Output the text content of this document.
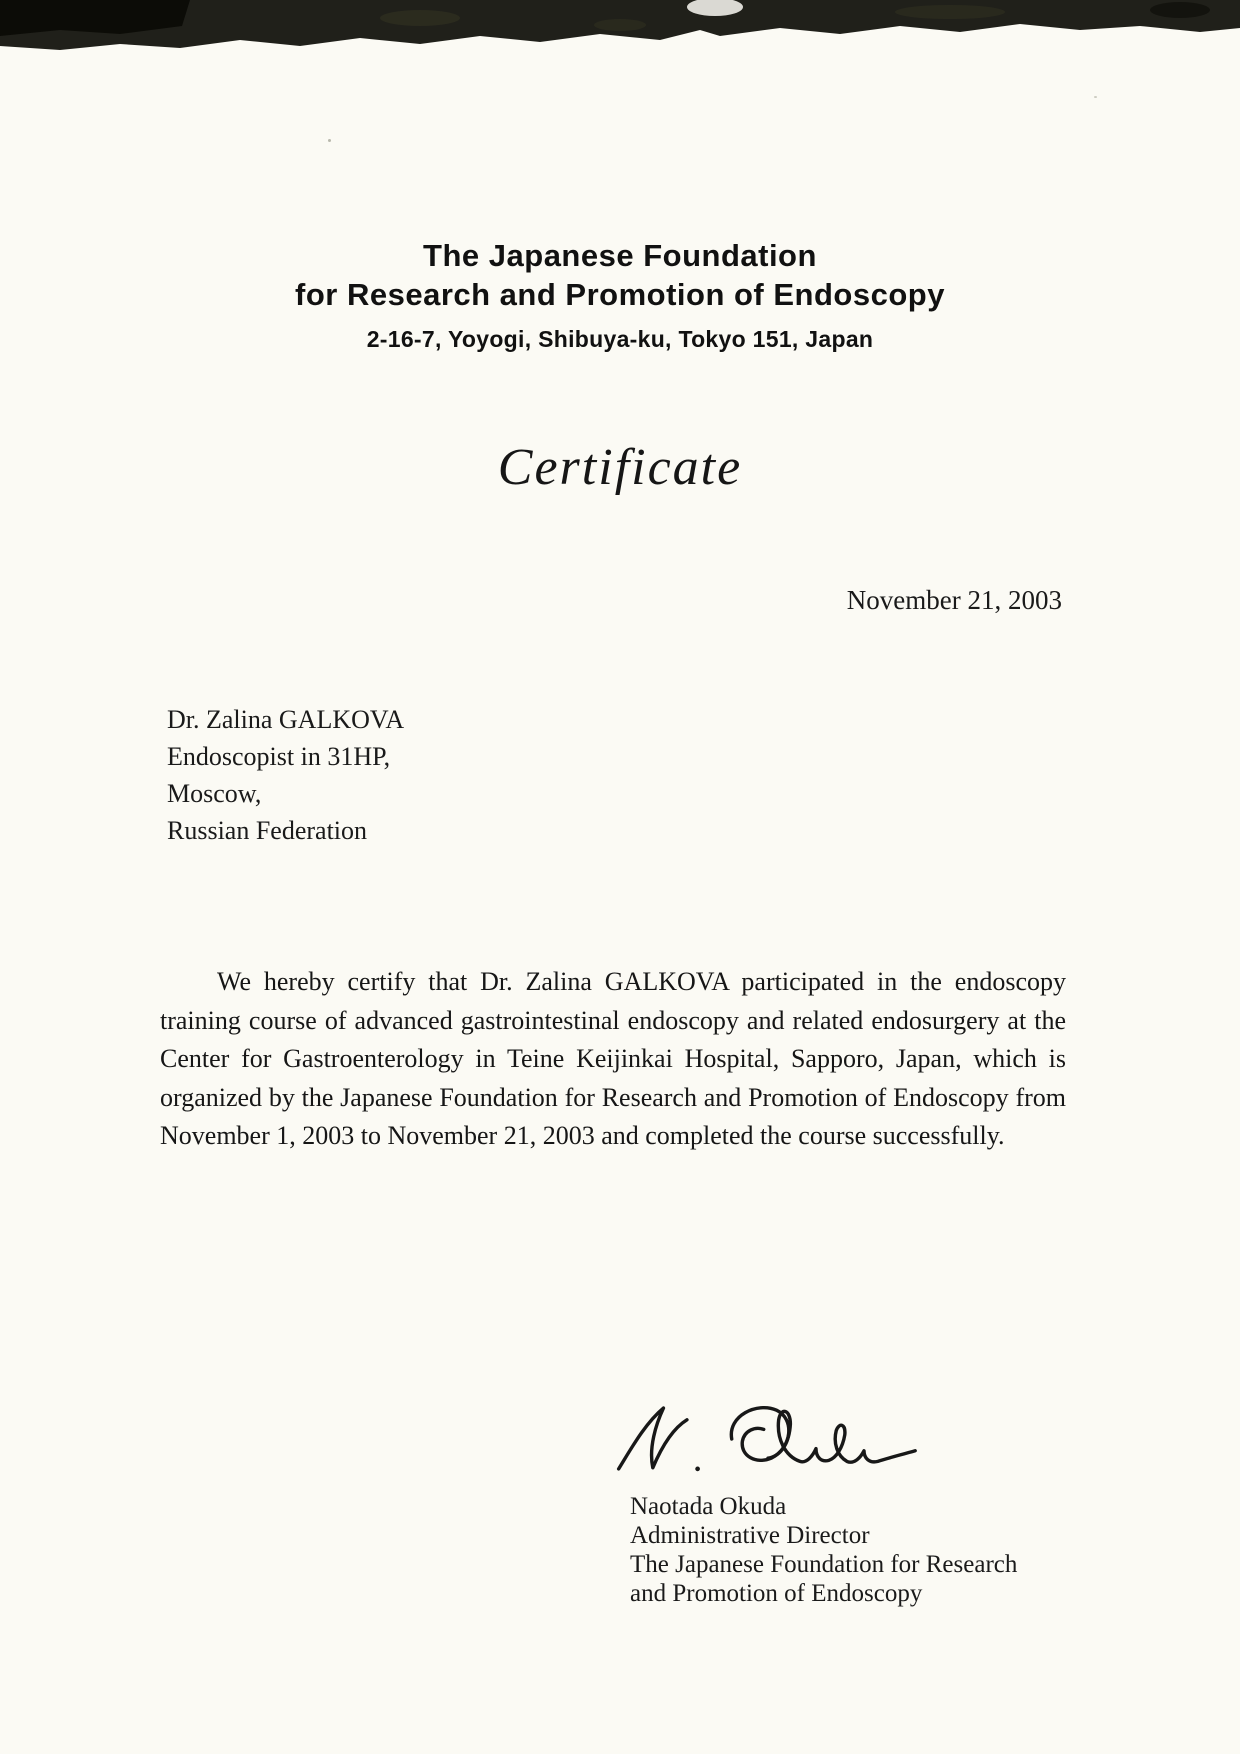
The Japanese Foundation
for Research and Promotion of Endoscopy
2-16-7, Yoyogi, Shibuya-ku, Tokyo 151, Japan
Certificate
November 21, 2003
Dr. Zalina GALKOVA
Endoscopist in 31HP,
Moscow,
Russian Federation
We hereby certify that Dr. Zalina GALKOVA participated in the endoscopy training course of advanced gastrointestinal endoscopy and related endosurgery at the Center for Gastroenterology in Teine Keijinkai Hospital, Sapporo, Japan, which is organized by the Japanese Foundation for Research and Promotion of Endoscopy from November 1, 2003 to November 21, 2003 and completed the course successfully.
Naotada Okuda
Administrative Director
The Japanese Foundation for Research
and Promotion of Endoscopy
